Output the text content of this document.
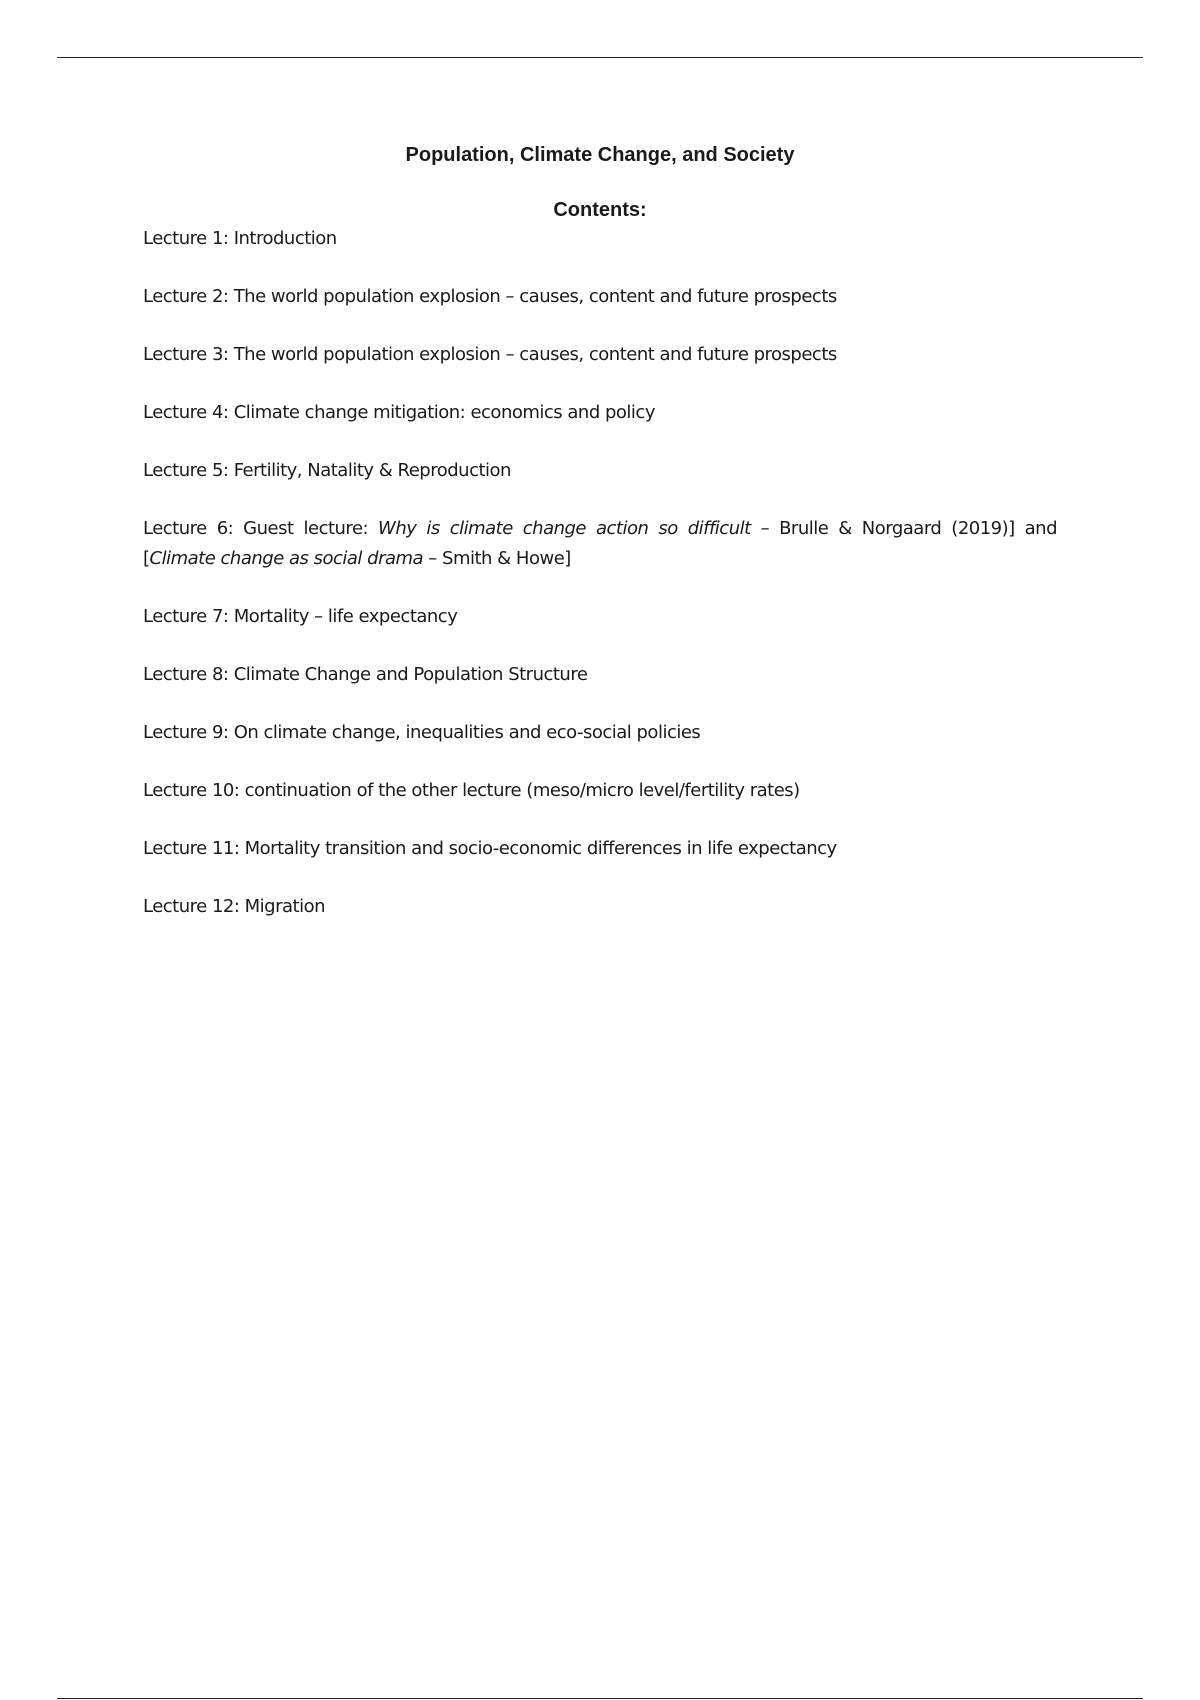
Population, Climate Change, and Society
Contents:
Lecture 1: Introduction
Lecture 2: The world population explosion – causes, content and future prospects
Lecture 3: The world population explosion – causes, content and future prospects
Lecture 4: Climate change mitigation: economics and policy
Lecture 5: Fertility, Natality & Reproduction
Lecture 6: Guest lecture: Why is climate change action so difficult – Brulle & Norgaard (2019)] and [Climate change as social drama – Smith & Howe]
Lecture 7: Mortality – life expectancy
Lecture 8: Climate Change and Population Structure
Lecture 9: On climate change, inequalities and eco-social policies
Lecture 10: continuation of the other lecture (meso/micro level/fertility rates)
Lecture 11: Mortality transition and socio-economic differences in life expectancy
Lecture 12: Migration
